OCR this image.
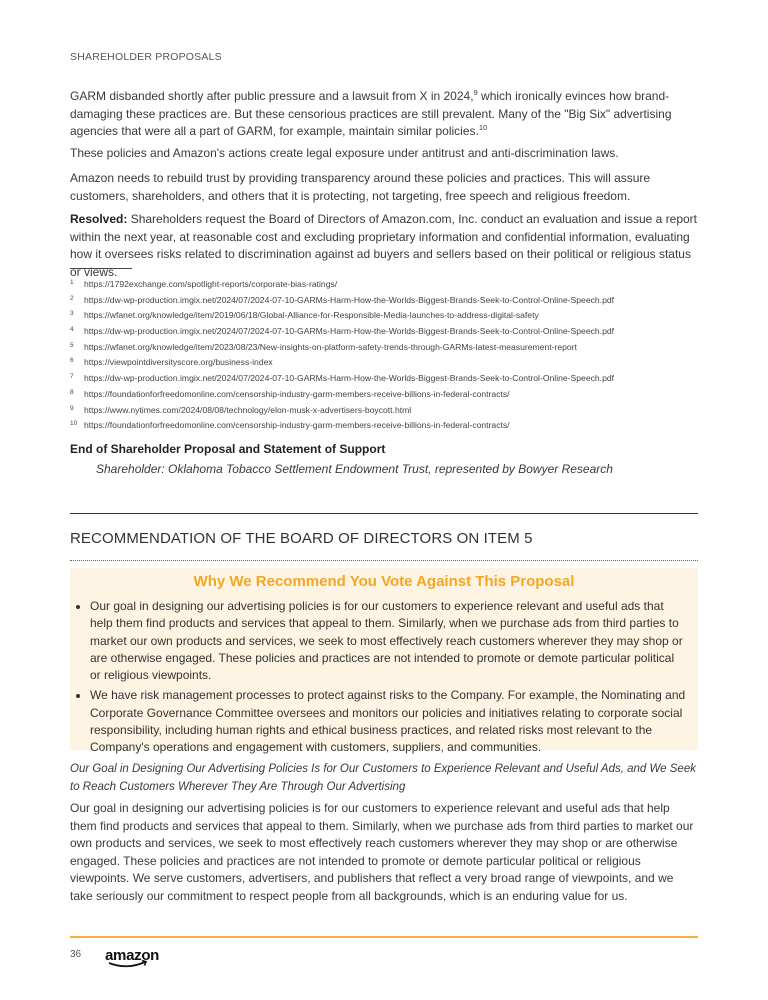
SHAREHOLDER PROPOSALS

GARM disbanded shortly after public pressure and a lawsuit from X in 2024,$^9$ which ironically evinces how brand-damaging these practices are. But these censorious practices are still prevalent. Many of the "Big Six" advertising agencies that were all a part of GARM, for example, maintain similar policies.$^{10}$

These policies and Amazon's actions create legal exposure under antitrust and anti-discrimination laws.

Amazon needs to rebuild trust by providing transparency around these policies and practices. This will assure customers, shareholders, and others that it is protecting, not targeting, free speech and religious freedom.

Resolved: Shareholders request the Board of Directors of Amazon.com, Inc. conduct an evaluation and issue a report within the next year, at reasonable cost and excluding proprietary information and confidential information, evaluating how it oversees risks related to discrimination against ad buyers and sellers based on their political or religious status or views.

1	https://1792exchange.com/spotlight-reports/corporate-bias-ratings/
2	https://dw-wp-production.imgix.net/2024/07/2024-07-10-GARMs-Harm-How-the-Worlds-Biggest-Brands-Seek-to-Control-Online-Speech.pdf
3	https://wfanet.org/knowledge/item/2019/06/18/Global-Alliance-for-Responsible-Media-launches-to-address-digital-safety
4	https://dw-wp-production.imgix.net/2024/07/2024-07-10-GARMs-Harm-How-the-Worlds-Biggest-Brands-Seek-to-Control-Online-Speech.pdf
5	https://wfanet.org/knowledge/item/2023/08/23/New-insights-on-platform-safety-trends-through-GARMs-latest-measurement-report
6	https://viewpointdiversityscore.org/business-index
7	https://dw-wp-production.imgix.net/2024/07/2024-07-10-GARMs-Harm-How-the-Worlds-Biggest-Brands-Seek-to-Control-Online-Speech.pdf
8	https://foundationforfreedomonline.com/censorship-industry-garm-members-receive-billions-in-federal-contracts/
9	https://www.nytimes.com/2024/08/08/technology/elon-musk-x-advertisers-boycott.html
10 https://foundationforfreedomonline.com/censorship-industry-garm-members-receive-billions-in-federal-contracts/
End of Shareholder Proposal and Statement of Support
Shareholder: Oklahoma Tobacco Settlement Endowment Trust, represented by Bowyer Research
RECOMMENDATION OF THE BOARD OF DIRECTORS ON ITEM 5
Why We Recommend You Vote Against This Proposal
• Our goal in designing our advertising policies is for our customers to experience relevant and useful ads that help them find products and services that appeal to them. Similarly, when we purchase ads from third parties to market our own products and services, we seek to most effectively reach customers wherever they may shop or are otherwise engaged. These policies and practices are not intended to promote or demote particular political or religious viewpoints.
• We have risk management processes to protect against risks to the Company. For example, the Nominating and Corporate Governance Committee oversees and monitors our policies and initiatives relating to corporate social responsibility, including human rights and ethical business practices, and related risks most relevant to the Company's operations and engagement with customers, suppliers, and communities.

Our Goal in Designing Our Advertising Policies Is for Our Customers to Experience Relevant and Useful Ads, and We Seek to Reach Customers Wherever They Are Through Our Advertising

Our goal in designing our advertising policies is for our customers to experience relevant and useful ads that help them find products and services that appeal to them. Similarly, when we purchase ads from third parties to market our own products and services, we seek to most effectively reach customers wherever they may shop or are otherwise engaged. These policies and practices are not intended to promote or demote particular political or religious viewpoints. We serve customers, advertisers, and publishers that reflect a very broad range of viewpoints, and we take seriously our commitment to respect people from all backgrounds, which is an enduring value for us.

36 amazon
